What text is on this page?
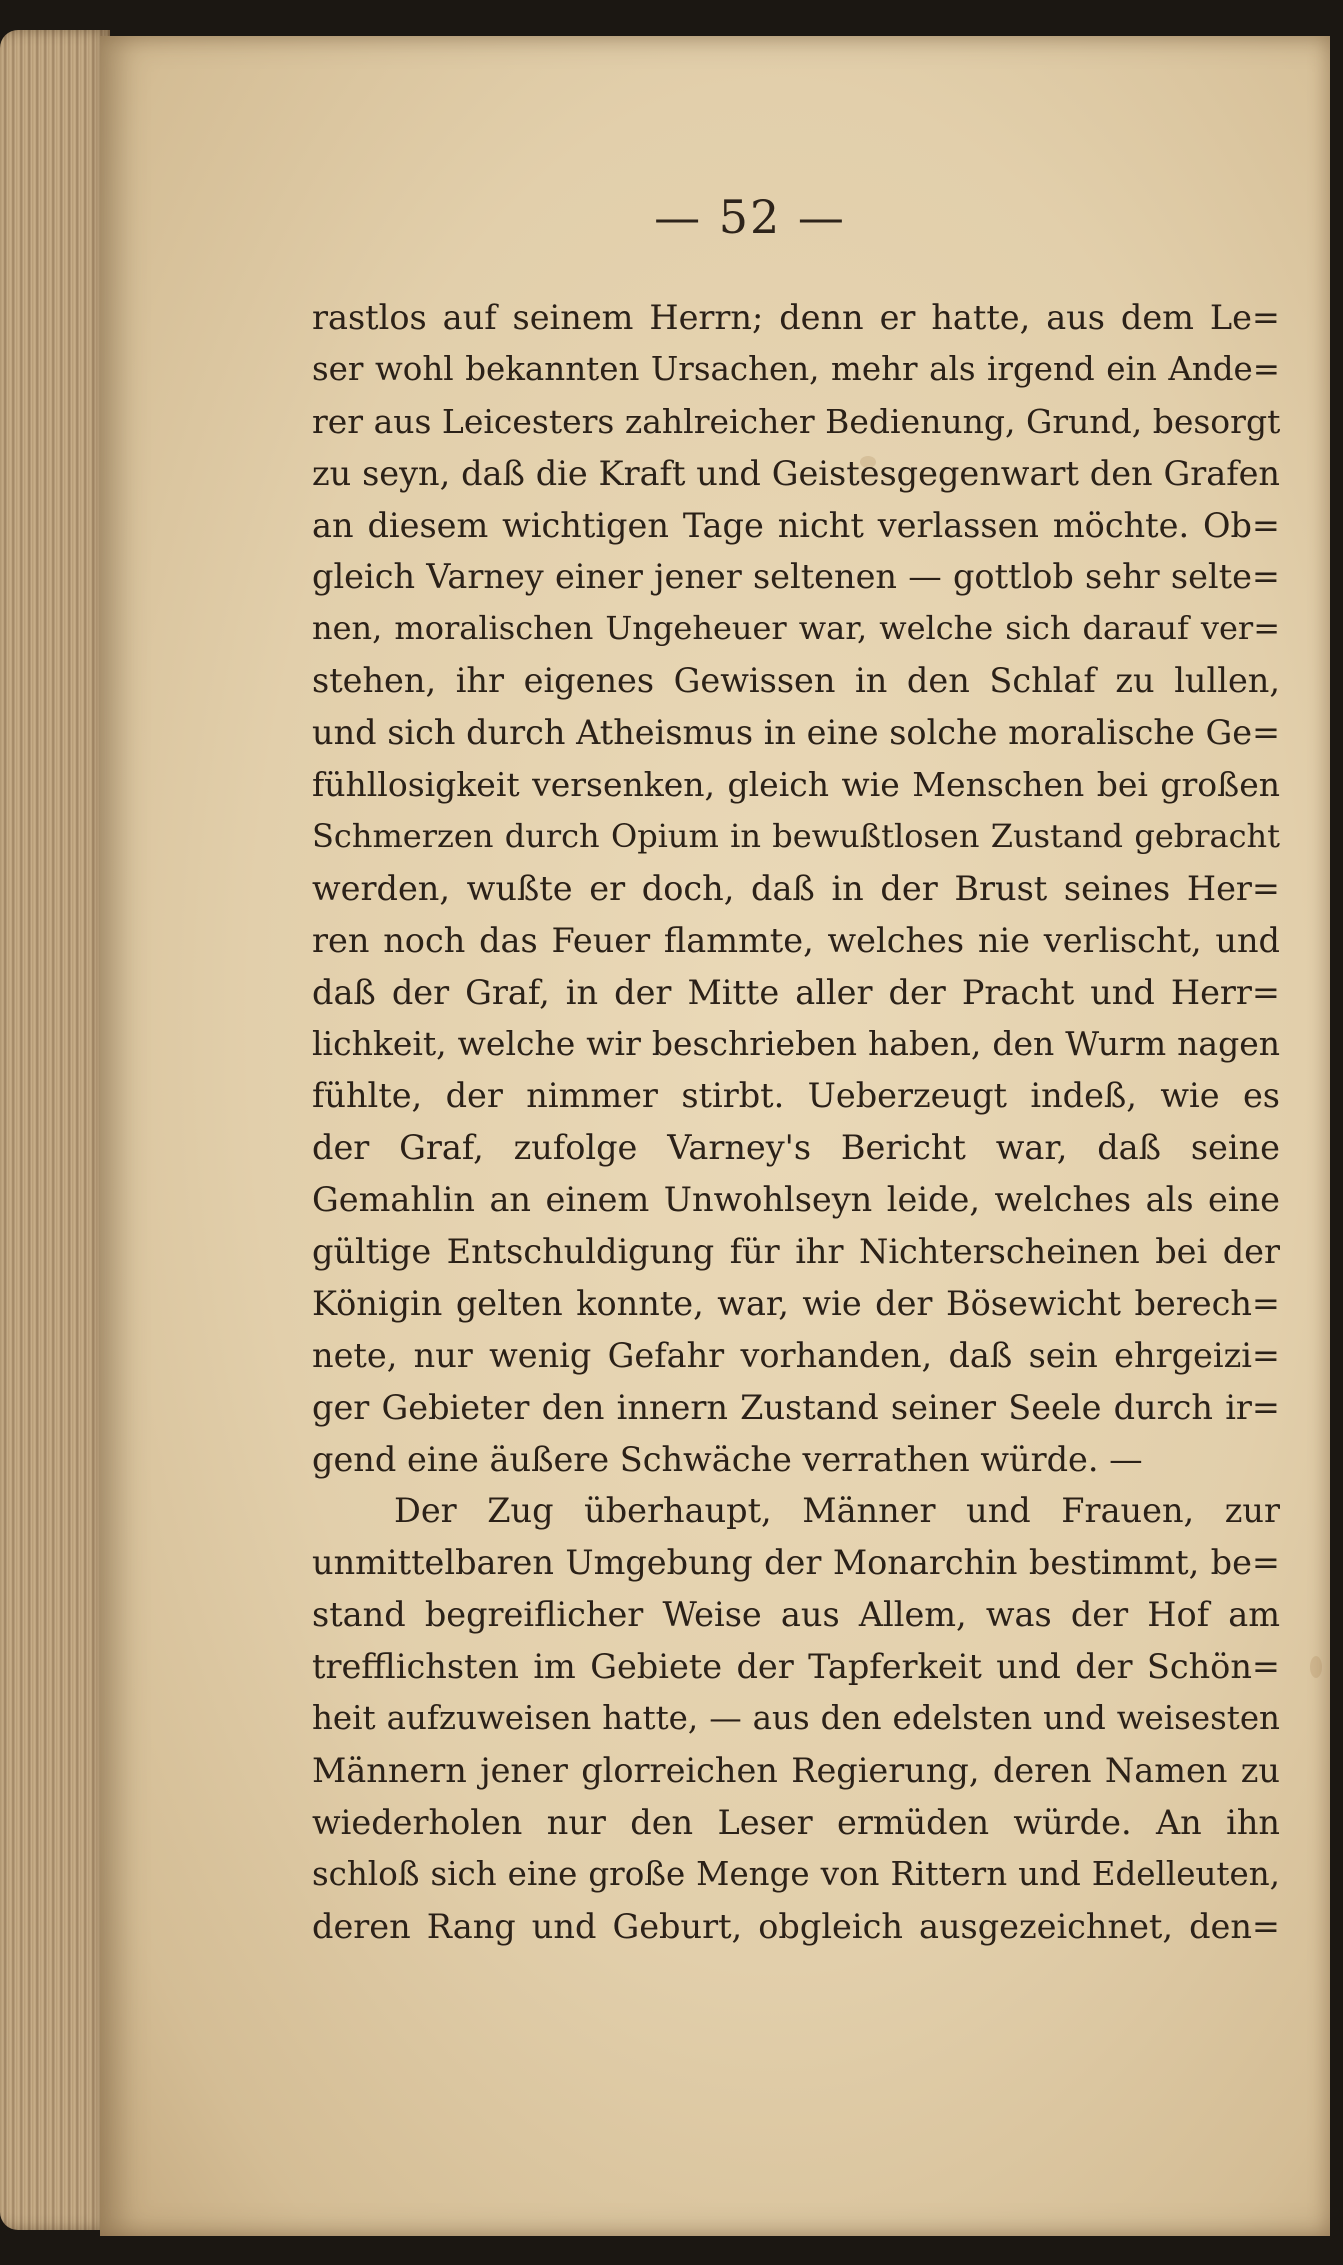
— 52 —
rastlos auf seinem Herrn; denn er hatte, aus dem Le=
ser wohl bekannten Ursachen, mehr als irgend ein Ande=
rer aus Leicesters zahlreicher Bedienung, Grund, besorgt
zu seyn, daß die Kraft und Geistesgegenwart den Grafen
an diesem wichtigen Tage nicht verlassen möchte. Ob=
gleich Varney einer jener seltenen — gottlob sehr selte=
nen, moralischen Ungeheuer war, welche sich darauf ver=
stehen, ihr eigenes Gewissen in den Schlaf zu lullen,
und sich durch Atheismus in eine solche moralische Ge=
fühllosigkeit versenken, gleich wie Menschen bei großen
Schmerzen durch Opium in bewußtlosen Zustand gebracht
werden, wußte er doch, daß in der Brust seines Her=
ren noch das Feuer flammte, welches nie verlischt, und
daß der Graf, in der Mitte aller der Pracht und Herr=
lichkeit, welche wir beschrieben haben, den Wurm nagen
fühlte, der nimmer stirbt. Ueberzeugt indeß, wie es
der Graf, zufolge Varney's Bericht war, daß seine
Gemahlin an einem Unwohlseyn leide, welches als eine
gültige Entschuldigung für ihr Nichterscheinen bei der
Königin gelten konnte, war, wie der Bösewicht berech=
nete, nur wenig Gefahr vorhanden, daß sein ehrgeizi=
ger Gebieter den innern Zustand seiner Seele durch ir=
gend eine äußere Schwäche verrathen würde. —
Der Zug überhaupt, Männer und Frauen, zur
unmittelbaren Umgebung der Monarchin bestimmt, be=
stand begreiflicher Weise aus Allem, was der Hof am
trefflichsten im Gebiete der Tapferkeit und der Schön=
heit aufzuweisen hatte, — aus den edelsten und weisesten
Männern jener glorreichen Regierung, deren Namen zu
wiederholen nur den Leser ermüden würde. An ihn
schloß sich eine große Menge von Rittern und Edelleuten,
deren Rang und Geburt, obgleich ausgezeichnet, den=
